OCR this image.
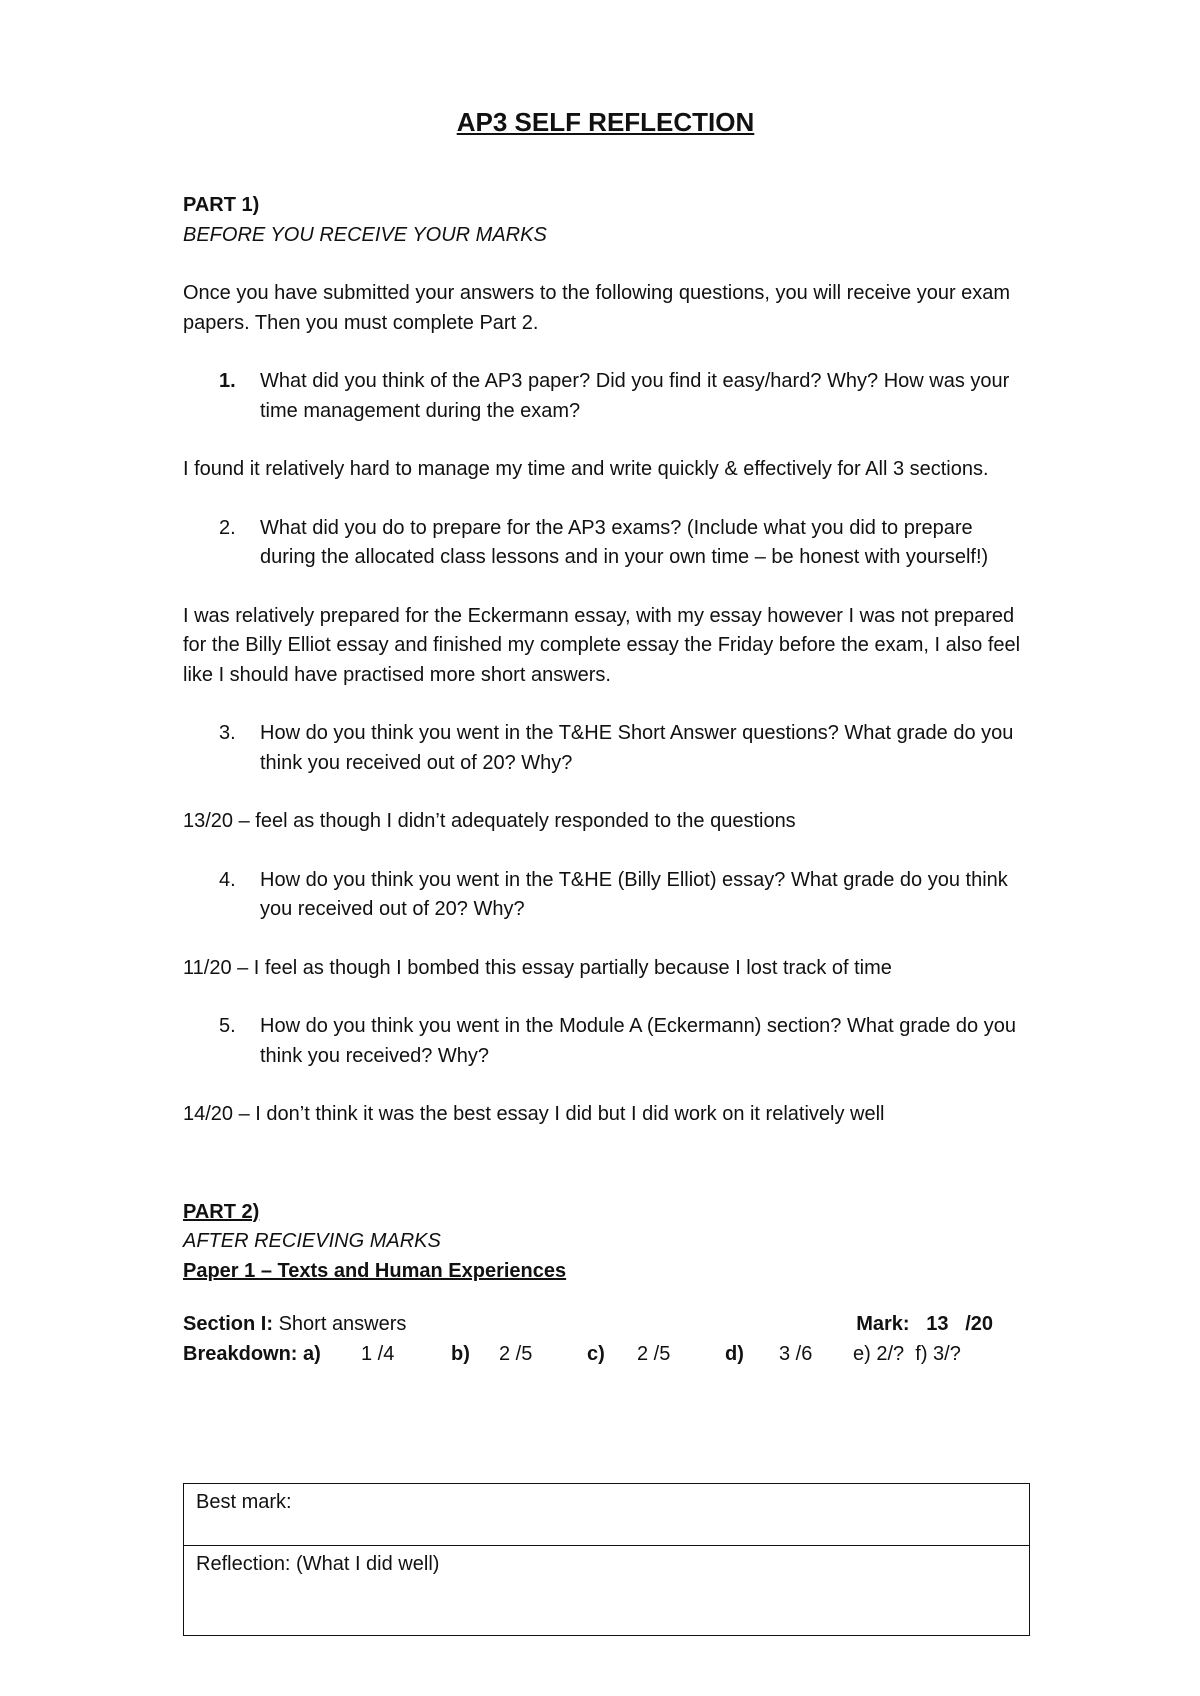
AP3 SELF REFLECTION

PART 1)

BEFORE YOU RECEIVE YOUR MARKS

Once you have submitted your answers to the following questions, you will receive your exam papers. Then you must complete Part 2.

1.	What did you think of the AP3 paper? Did you find it easy/hard? Why? How was your time management during the exam?

I found it relatively hard to manage my time and write quickly & effectively for All 3 sections.

2.	What did you do to prepare for the AP3 exams? (Include what you did to prepare during the allocated class lessons and in your own time – be honest with yourself!)

I was relatively prepared for the Eckermann essay, with my essay however I was not prepared for the Billy Elliot essay and finished my complete essay the Friday before the exam, I also feel like I should have practised more short answers.

3.	How do you think you went in the T&HE Short Answer questions? What grade do you think you received out of 20? Why?

13/20 – feel as though I didn’t adequately responded to the questions

4.	How do you think you went in the T&HE (Billy Elliot) essay? What grade do you think you received out of 20? Why?

11/20 – I feel as though I bombed this essay partially because I lost track of time

5.	How do you think you went in the Module A (Eckermann) section? What grade do you think you received? Why?

14/20 – I don’t think it was the best essay I did but I did work on it relatively well

PART 2)

AFTER RECIEVING MARKS

Paper 1 – Texts and Human Experiences

Section I: Short answers	Mark: 13 /20
Breakdown: a)	1 /4	b)	2 /5	c)	2 /5	d)	3 /6	e) 2/?  f) 3/?
Best mark:
Reflection: (What I did well)
